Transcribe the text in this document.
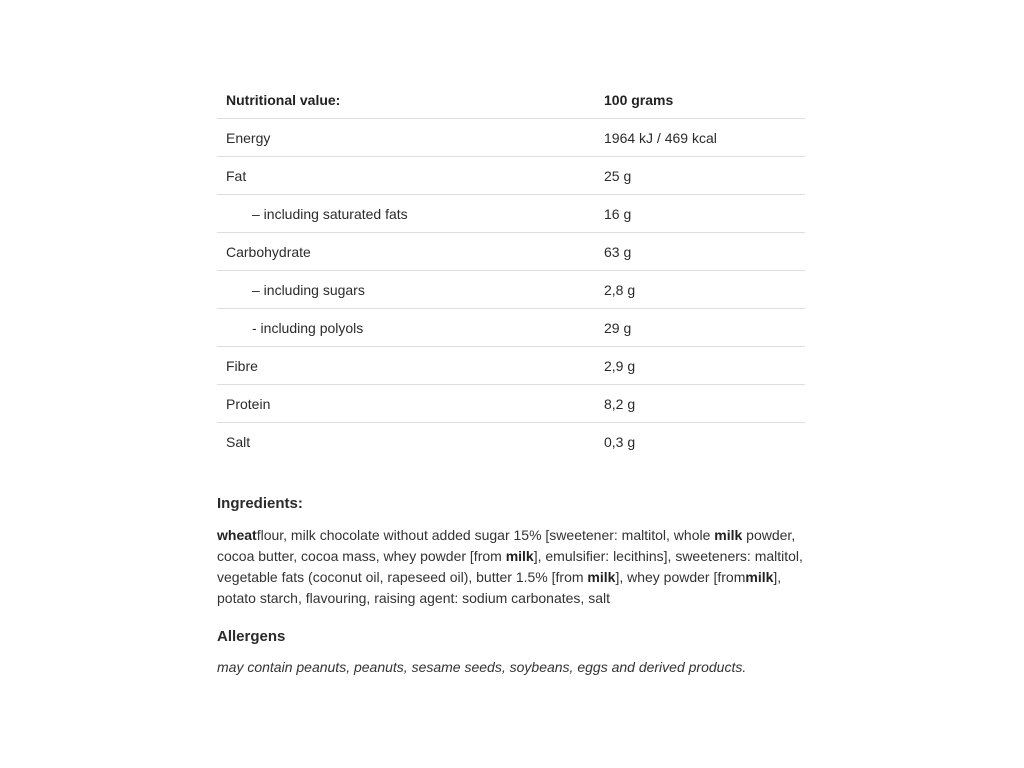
Nutritional value:	100 grams
Energy	1964 kJ / 469 kcal
Fat	25 g
– including saturated fats	16 g
Carbohydrate	63 g
– including sugars	2,8 g
- including polyols	29 g
Fibre	2,9 g
Protein	8,2 g
Salt	0,3 g
Ingredients:

wheatflour, milk chocolate without added sugar 15% [sweetener: maltitol, whole milk powder, cocoa butter, cocoa mass, whey powder [from milk], emulsifier: lecithins], sweeteners: maltitol, vegetable fats (coconut oil, rapeseed oil), butter 1.5% [from milk], whey powder [frommilk], potato starch, flavouring, raising agent: sodium carbonates, salt

Allergens

may contain peanuts, peanuts, sesame seeds, soybeans, eggs and derived products.
